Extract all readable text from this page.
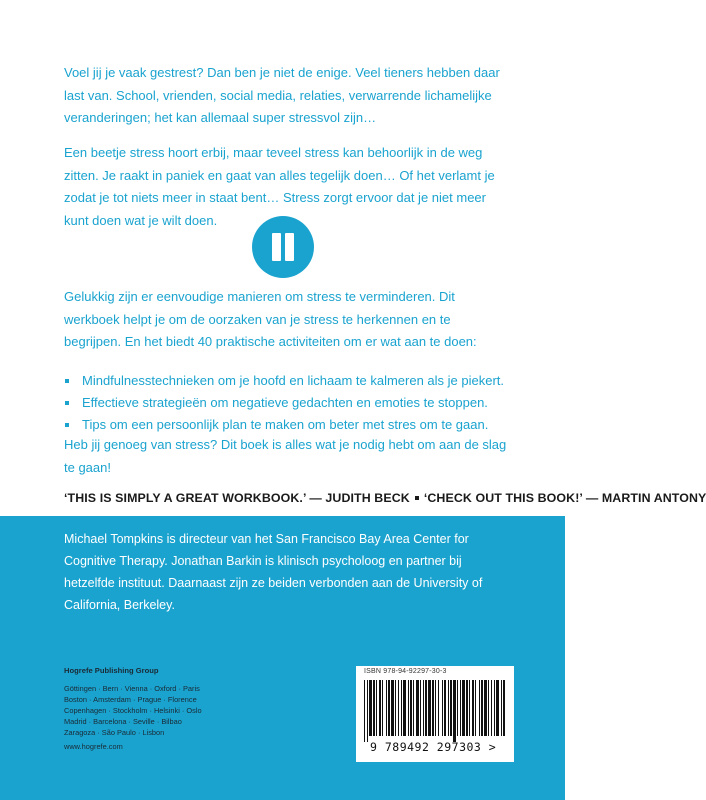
Voel jij je vaak gestrest? Dan ben je niet de enige. Veel tieners hebben daar last van. School, vrienden, social media, relaties, verwarrende lichamelijke veranderingen; het kan allemaal super stressvol zijn…

Een beetje stress hoort erbij, maar teveel stress kan behoorlijk in de weg zitten. Je raakt in paniek en gaat van alles tegelijk doen… Of het verlamt je zodat je tot niets meer in staat bent… Stress zorgt ervoor dat je niet meer kunt doen wat je wilt doen.

Gelukkig zijn er eenvoudige manieren om stress te verminderen. Dit werkboek helpt je om de oorzaken van je stress te herkennen en te begrijpen. En het biedt 40 praktische activiteiten om er wat aan te doen:

Mindfulnesstechnieken om je hoofd en lichaam te kalmeren als je piekert.
Effectieve strategieën om negatieve gedachten en emoties te stoppen.
Tips om een persoonlijk plan te maken om beter met stres om te gaan.

Heb jij genoeg van stress? Dit boek is alles wat je nodig hebt om aan de slag te gaan!

‘THIS IS SIMPLY A GREAT WORKBOOK.’ — JUDITH BECK ‘CHECK OUT THIS BOOK!’ — MARTIN ANTONY

Michael Tompkins is directeur van het San Francisco Bay Area Center for Cognitive Therapy. Jonathan Barkin is klinisch psycholoog en partner bij hetzelfde instituut. Daarnaast zijn ze beiden verbonden aan de University of California, Berkeley.

Hogrefe Publishing Group
Göttingen · Bern · Vienna · Oxford · Paris
Boston · Amsterdam · Prague · Florence
Copenhagen · Stockholm · Helsinki · Oslo
Madrid · Barcelona · Seville · Bilbao
Zaragoza · São Paulo · Lisbon
www.hogrefe.com
ISBN 978-94-92297-30-3
9 789492 297303 >
